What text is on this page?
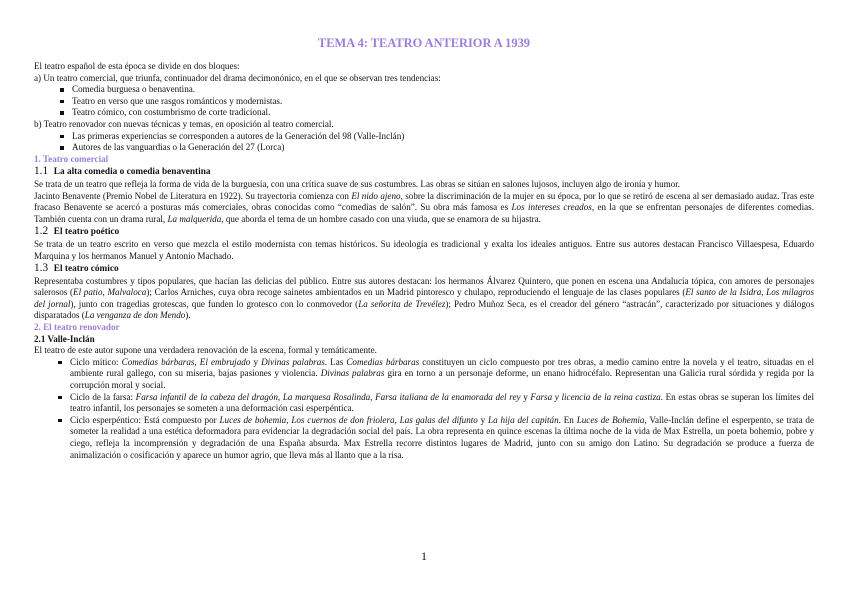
TEMA 4: TEATRO ANTERIOR A 1939

El teatro español de esta época se divide en dos bloques:

a) Un teatro comercial, que triunfa, continuador del drama decimonónico, en el que se observan tres tendencias:

Comedia burguesa o benaventina.
Teatro en verso que une rasgos románticos y modernistas.
Teatro cómico, con costumbrismo de corte tradicional.

b) Teatro renovador con nuevas técnicas y temas, en oposición al teatro comercial.

Las primeras experiencias se corresponden a autores de la Generación del 98 (Valle-Inclán)
Autores de las vanguardias o la Generación del 27 (Lorca)

1. Teatro comercial

1.1 La alta comedia o comedia benaventina

Se trata de un teatro que refleja la forma de vida de la burguesía, con una crítica suave de sus costumbres. Las obras se sitúan en salones lujosos, incluyen algo de ironía y humor.

Jacinto Benavente (Premio Nobel de Literatura en 1922). Su trayectoria comienza con El nido ajeno, sobre la discriminación de la mujer en su época, por lo que se retiró de escena al ser demasiado audaz. Tras este fracaso Benavente se acercó a posturas más comerciales, obras conocidas como “comedias de salón”. Su obra más famosa es Los intereses creados, en la que se enfrentan personajes de diferentes comedias. También cuenta con un drama rural, La malquerida, que aborda el tema de un hombre casado con una viuda, que se enamora de su hijastra.

1.2 El teatro poético

Se trata de un teatro escrito en verso que mezcla el estilo modernista con temas históricos. Su ideología es tradicional y exalta los ideales antiguos. Entre sus autores destacan Francisco Villaespesa, Eduardo Marquina y los hermanos Manuel y Antonio Machado.

1.3 El teatro cómico

Representaba costumbres y tipos populares, que hacían las delicias del público. Entre sus autores destacan: los hermanos Álvarez Quintero, que ponen en escena una Andalucía tópica, con amores de personajes salerosos (El patio, Malvaloca); Carlos Arniches, cuya obra recoge sainetes ambientados en un Madrid pintoresco y chulapo, reproduciendo el lenguaje de las clases populares (El santo de la Isidra, Los milagros del jornal), junto con tragedias grotescas, que funden lo grotesco con lo conmovedor (La señorita de Trevélez); Pedro Muñoz Seca, es el creador del género “astracán”, caracterizado por situaciones y diálogos disparatados (La venganza de don Mendo).

2. El teatro renovador

2.1 Valle-Inclán

El teatro de este autor supone una verdadera renovación de la escena, formal y temáticamente.

Ciclo mítico: Comedias bárbaras, El embrujado y Divinas palabras. Las Comedias bárbaras constituyen un ciclo compuesto por tres obras, a medio camino entre la novela y el teatro, situadas en el ambiente rural gallego, con su miseria, bajas pasiones y violencia. Divinas palabras gira en torno a un personaje deforme, un enano hidrocéfalo. Representan una Galicia rural sórdida y regida por la corrupción moral y social.
Ciclo de la farsa: Farsa infantil de la cabeza del dragón, La marquesa Rosalinda, Farsa italiana de la enamorada del rey y Farsa y licencia de la reina castiza. En estas obras se superan los límites del teatro infantil, los personajes se someten a una deformación casi esperpéntica.
Ciclo esperpéntico: Está compuesto por Luces de bohemia, Los cuernos de don friolera, Las galas del difunto y La hija del capitán. En Luces de Bohemia, Valle-Inclán define el esperpento, se trata de someter la realidad a una estética deformadora para evidenciar la degradación social del país. La obra representa en quince escenas la última noche de la vida de Max Estrella, un poeta bohemio, pobre y ciego, refleja la incomprensión y degradación de una España absurda. Max Estrella recorre distintos lugares de Madrid, junto con su amigo don Latino. Su degradación se produce a fuerza de animalización o cosificación y aparece un humor agrio, que lleva más al llanto que a la risa.
1
